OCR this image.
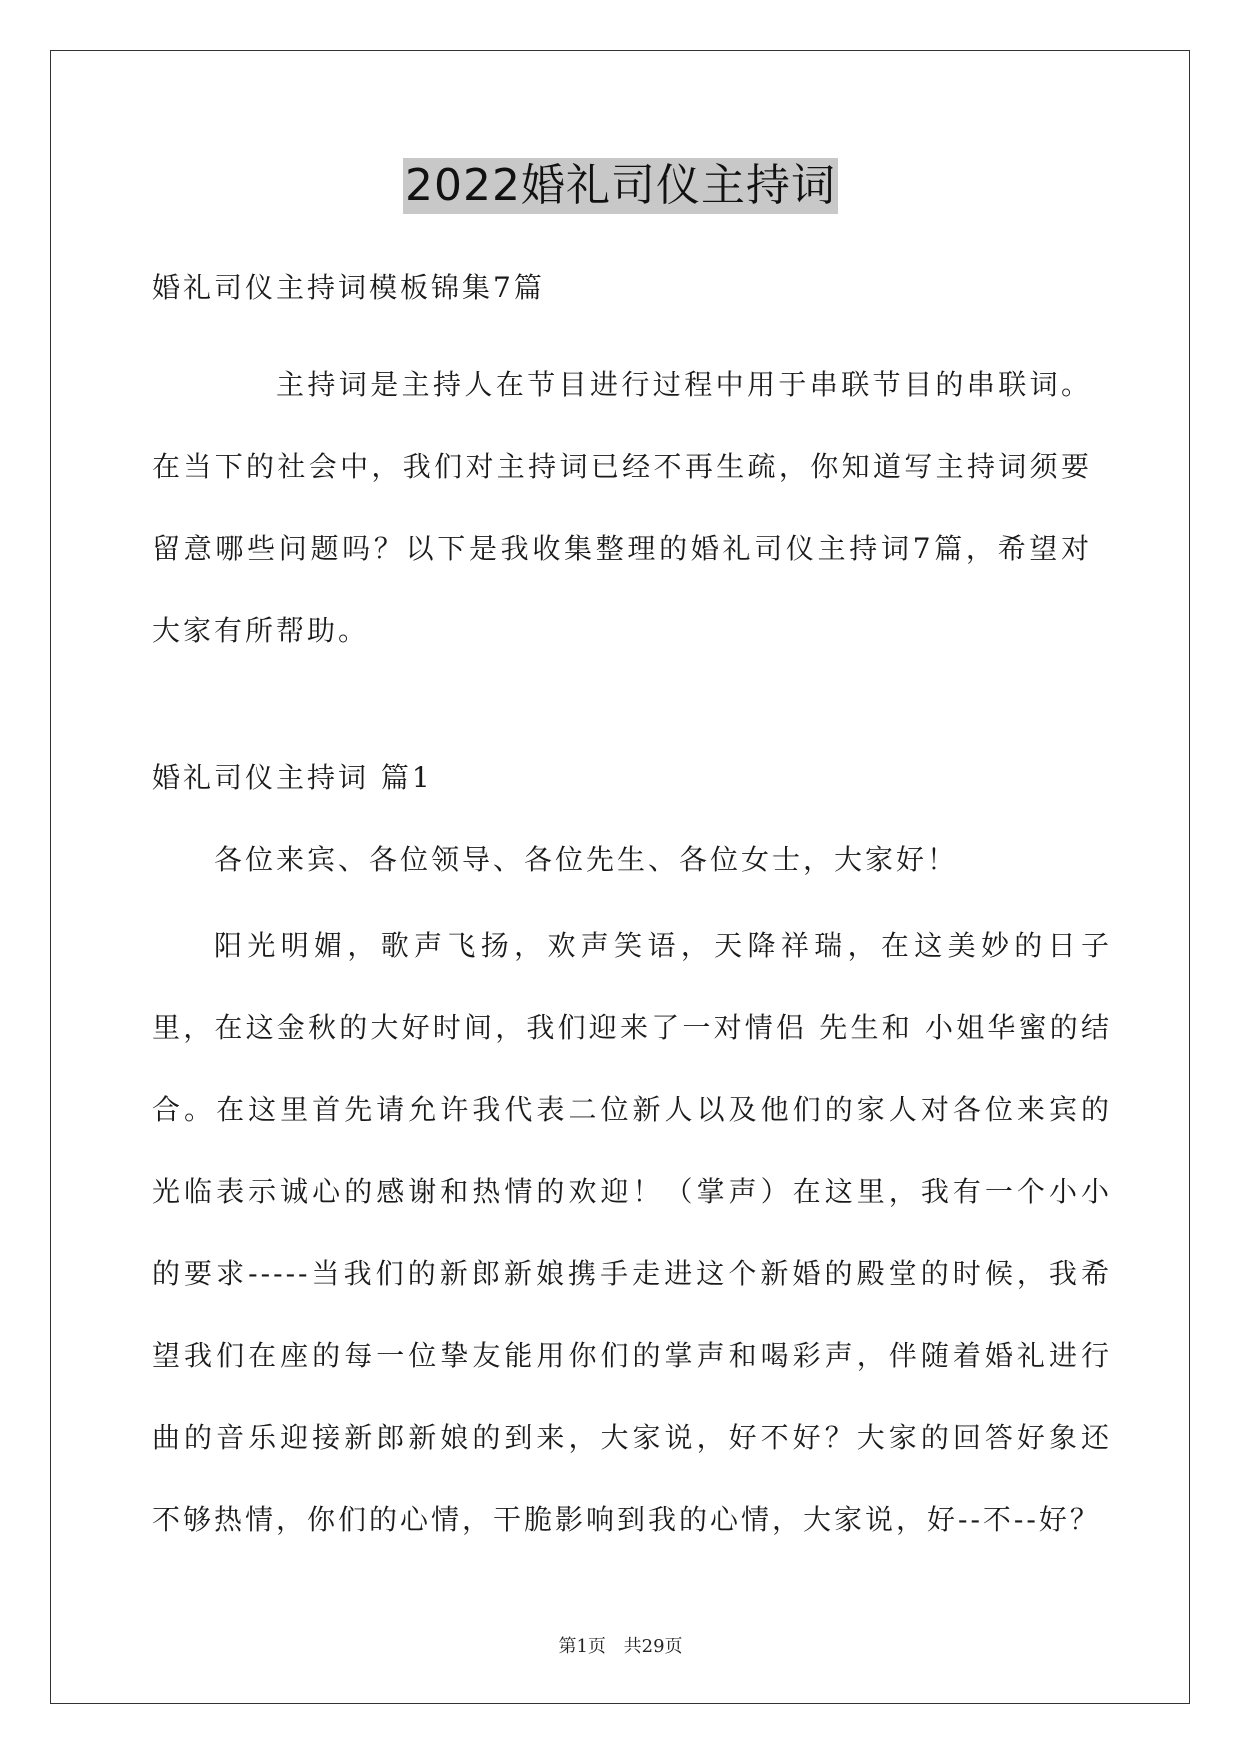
2022婚礼司仪主持词
婚礼司仪主持词模板锦集7篇

主持词是主持人在节目进行过程中用于串联节目的串联词。在当下的社会中，我们对主持词已经不再生疏，你知道写主持词须要留意哪些问题吗？以下是我收集整理的婚礼司仪主持词7篇，希望对大家有所帮助。

婚礼司仪主持词 篇1

各位来宾、各位领导、各位先生、各位女士，大家好！

阳光明媚，歌声飞扬，欢声笑语，天降祥瑞，在这美妙的日子里，在这金秋的大好时间，我们迎来了一对情侣 先生和 小姐华蜜的结合。在这里首先请允许我代表二位新人以及他们的家人对各位来宾的光临表示诚心的感谢和热情的欢迎！（掌声）在这里，我有一个小小的要求-----当我们的新郎新娘携手走进这个新婚的殿堂的时候，我希望我们在座的每一位挚友能用你们的掌声和喝彩声，伴随着婚礼进行曲的音乐迎接新郎新娘的到来，大家说，好不好？大家的回答好象还不够热情，你们的心情，干脆影响到我的心情，大家说，好--不--好？

第1页 共29页
